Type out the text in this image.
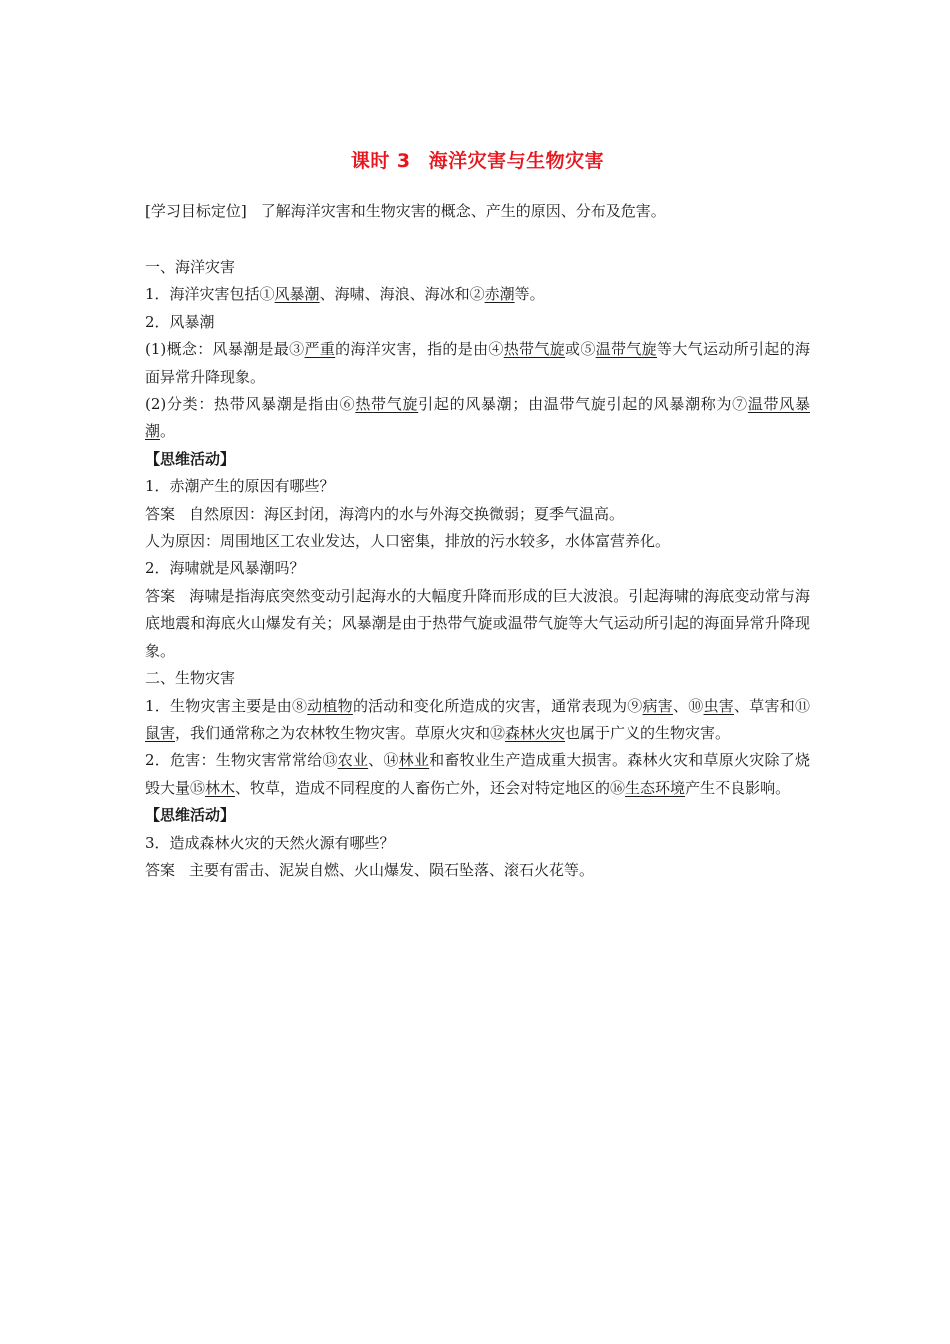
课时 3 海洋灾害与生物灾害
[学习目标定位] 了解海洋灾害和生物灾害的概念、产生的原因、分布及危害。

一、海洋灾害

1．海洋灾害包括①风暴潮、海啸、海浪、海冰和②赤潮等。

2．风暴潮

(1)概念：风暴潮是最③严重的海洋灾害，指的是由④热带气旋或⑤温带气旋等大气运动所引起的海面异常升降现象。

(2)分类：热带风暴潮是指由⑥热带气旋引起的风暴潮；由温带气旋引起的风暴潮称为⑦温带风暴潮。

【思维活动】

1．赤潮产生的原因有哪些？

答案 自然原因：海区封闭，海湾内的水与外海交换微弱；夏季气温高。

人为原因：周围地区工农业发达，人口密集，排放的污水较多，水体富营养化。

2．海啸就是风暴潮吗？

答案 海啸是指海底突然变动引起海水的大幅度升降而形成的巨大波浪。引起海啸的海底变动常与海底地震和海底火山爆发有关；风暴潮是由于热带气旋或温带气旋等大气运动所引起的海面异常升降现象。

二、生物灾害

1．生物灾害主要是由⑧动植物的活动和变化所造成的灾害，通常表现为⑨病害、⑩虫害、草害和⑪鼠害，我们通常称之为农林牧生物灾害。草原火灾和⑫森林火灾也属于广义的生物灾害。

2．危害：生物灾害常常给⑬农业、⑭林业和畜牧业生产造成重大损害。森林火灾和草原火灾除了烧毁大量⑮林木、牧草，造成不同程度的人畜伤亡外，还会对特定地区的⑯生态环境产生不良影响。

【思维活动】

3．造成森林火灾的天然火源有哪些？

答案 主要有雷击、泥炭自燃、火山爆发、陨石坠落、滚石火花等。
